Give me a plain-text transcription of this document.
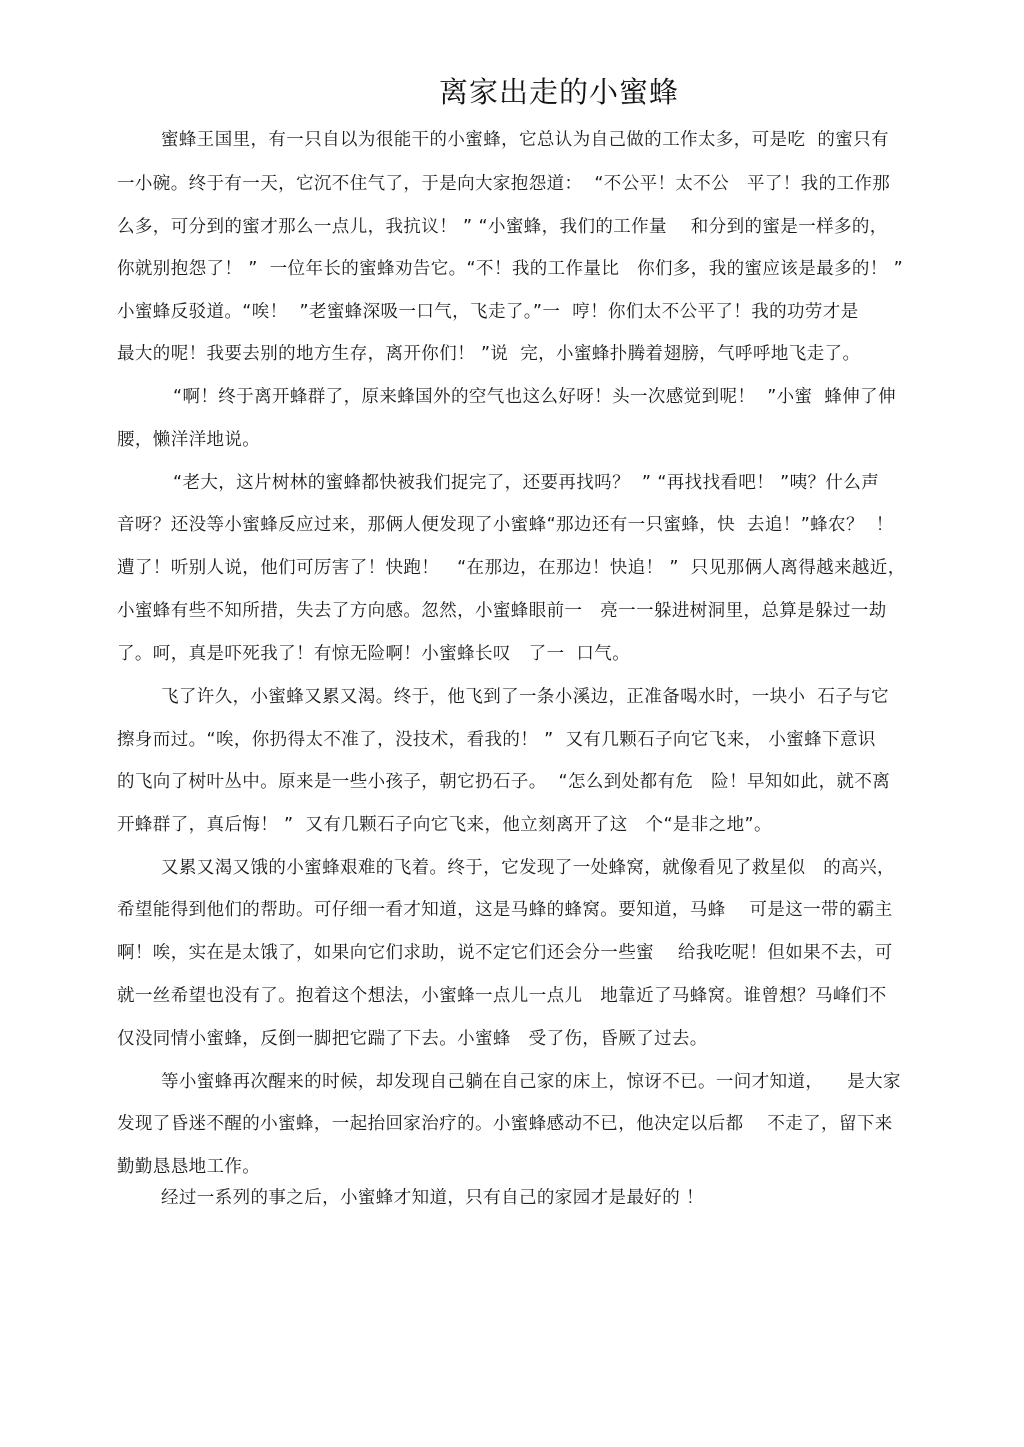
离家出走的小蜜蜂
蜜蜂王国里，有一只自以为很能干的小蜜蜂，它总认为自己做的工作太多，可是吃  的蜜只有
一小碗。终于有一天，它沉不住气了，于是向大家抱怨道：  “不公平！太不公   平了！我的工作那
么多，可分到的蜜才那么一点儿，我抗议！ ” “小蜜蜂，我们的工作量    和分到的蜜是一样多的，
你就别抱怨了！ ”  一位年长的蜜蜂劝告它。“不！我的工作量比   你们多，我的蜜应该是最多的！ ”
小蜜蜂反驳道。“唉！  ”老蜜蜂深吸一口气，飞走了。”一  哼！你们太不公平了！我的功劳才是
最大的呢！我要去别的地方生存，离开你们！ ”说  完，小蜜蜂扑腾着翅膀，气呼呼地飞走了。
“啊！终于离开蜂群了，原来蜂国外的空气也这么好呀！头一次感觉到呢！  ”小蜜  蜂伸了伸
腰，懒洋洋地说。
“老大，这片树林的蜜蜂都快被我们捉完了，还要再找吗？  ” “再找找看吧！ ”咦？什么声
音呀？还没等小蜜蜂反应过来，那俩人便发现了小蜜蜂“那边还有一只蜜蜂，快  去追！”蜂农？  ！
遭了！听别人说，他们可厉害了！快跑！   “在那边，在那边！快追！ ”  只见那俩人离得越来越近，
小蜜蜂有些不知所措，失去了方向感。忽然，小蜜蜂眼前一   亮一一躲进树洞里，总算是躲过一劫
了。呵，真是吓死我了！有惊无险啊！小蜜蜂长叹   了一  口气。
飞了许久，小蜜蜂又累又渴。终于，他飞到了一条小溪边，正准备喝水时，一块小  石子与它
擦身而过。“唉，你扔得太不准了，没技术，看我的！ ”  又有几颗石子向它飞来， 小蜜蜂下意识
的飞向了树叶丛中。原来是一些小孩子，朝它扔石子。  “怎么到处都有危   险！早知如此，就不离
开蜂群了，真后悔！ ”  又有几颗石子向它飞来，他立刻离开了这   个“是非之地”。
又累又渴又饿的小蜜蜂艰难的飞着。终于，它发现了一处蜂窝，就像看见了救星似   的高兴，
希望能得到他们的帮助。可仔细一看才知道，这是马蜂的蜂窝。要知道，马蜂    可是这一带的霸主
啊！唉，实在是太饿了，如果向它们求助，说不定它们还会分一些蜜    给我吃呢！但如果不去，可
就一丝希望也没有了。抱着这个想法，小蜜蜂一点儿一点儿   地靠近了马蜂窝。谁曾想？马峰们不
仅没同情小蜜蜂，反倒一脚把它踹了下去。小蜜蜂   受了伤，昏厥了过去。
等小蜜蜂再次醒来的时候，却发现自己躺在自己家的床上，惊讶不已。一问才知道，    是大家
发现了昏迷不醒的小蜜蜂，一起抬回家治疗的。小蜜蜂感动不已，他决定以后都    不走了，留下来
勤勤恳恳地工作。
经过一系列的事之后，小蜜蜂才知道，只有自己的家园才是最好的 ！
